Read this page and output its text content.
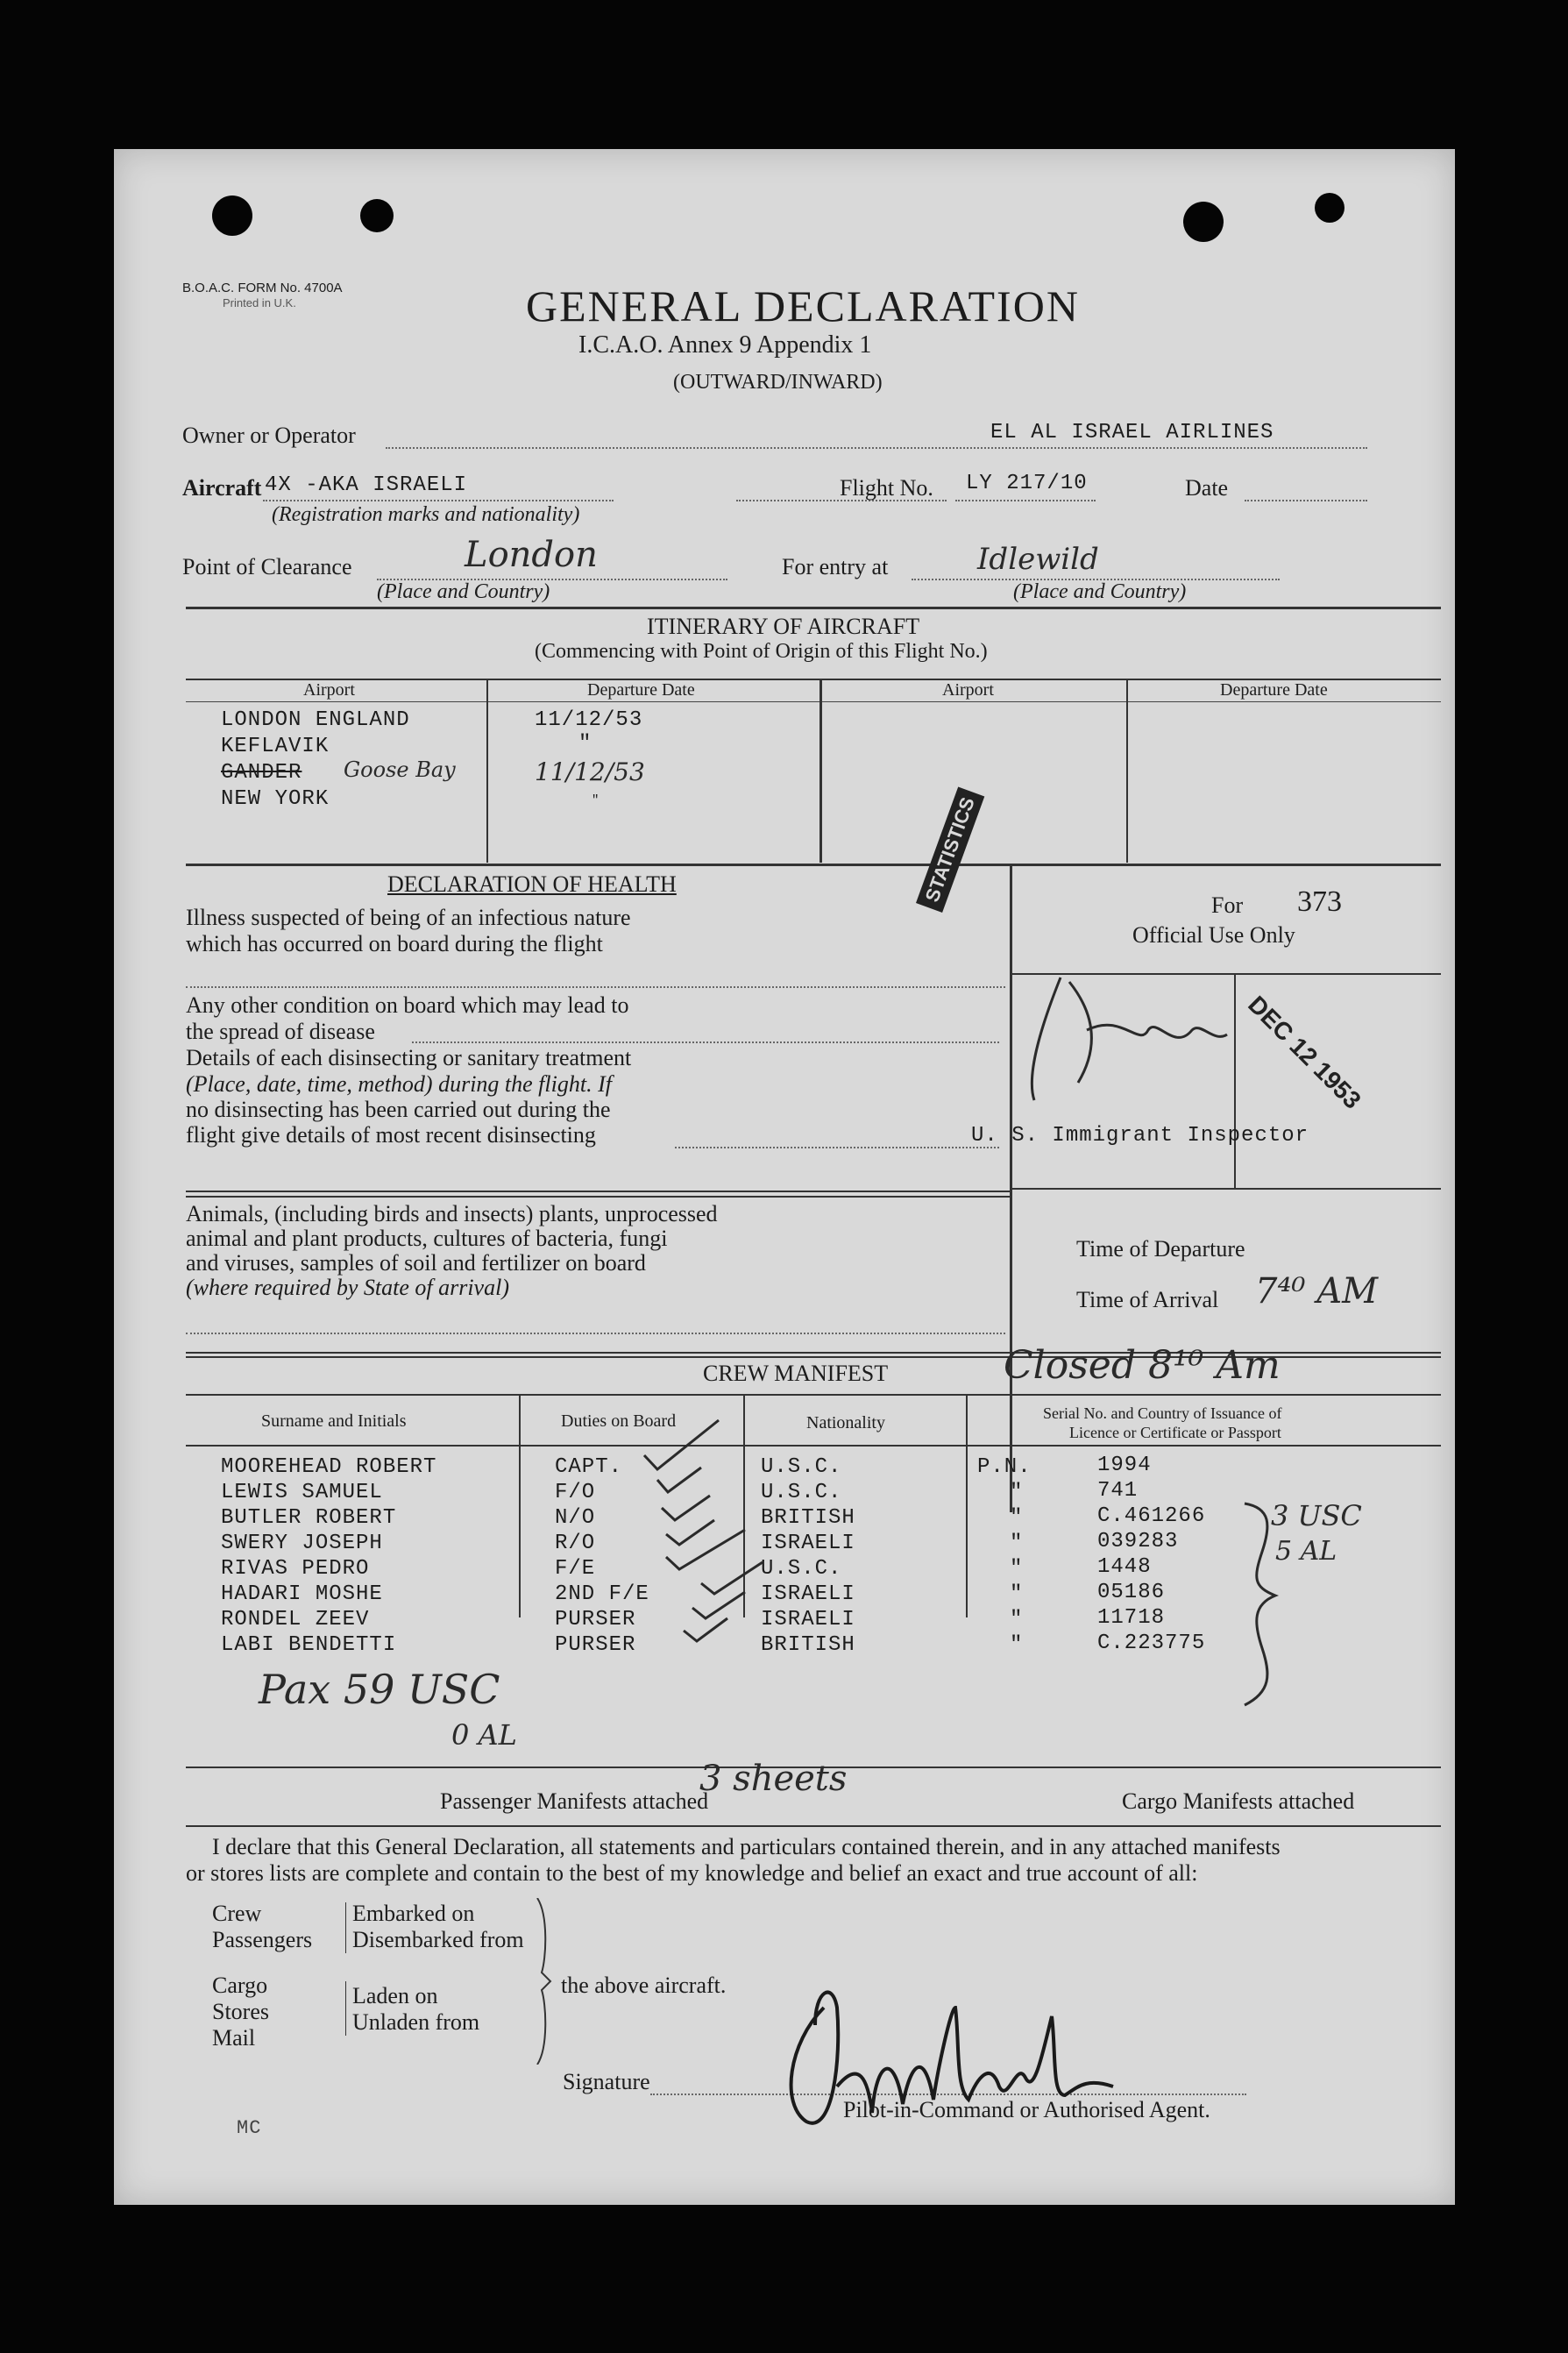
B.O.A.C. FORM No. 4700A
Printed in U.K.	GENERAL DECLARATION
I.C.A.O. Annex 9 Appendix 1
(OUTWARD/INWARD)
Owner or Operator	EL AL ISRAEL AIRLINES
Aircraft 4X -AKA ISRAELI
(Registration marks and nationality)
Flight No. LY 217/10	Date
Point of Clearance	London
(Place and Country)
For entry at	Idlewild
(Place and Country)
ITINERARY OF AIRCRAFT
(Commencing with Point of Origin of this Flight No.)
Airport	Departure Date	Airport	Departure Date
LONDON ENGLAND	11/12/53
KEFLAVIK	"
GANDER Goose Bay	11/12/53
NEW YORK	"
DECLARATION OF HEALTH
Illness suspected of being of an infectious nature
which has occurred on board during the flight
Any other condition on board which may lead to
the spread of disease
Details of each disinsecting or sanitary treatment
(Place, date, time, method) during the flight. If
no disinsecting has been carried out during the
flight give details of most recent disinsecting
Animals, (including birds and insects) plants, unprocessed
animal and plant products, cultures of bacteria, fungi
and viruses, samples of soil and fertilizer on board
(where required by State of arrival)
For 373
Official Use Only
STATISTICS
DEC 12 1953
U. S. Immigrant Inspector
Time of Departure
Time of Arrival 7⁴⁰ AM
CREW MANIFEST	Closed 8¹⁰ Am
Surname and Initials	Duties on Board	Nationality	Serial No. and Country of Issuance of
Licence or Certificate or Passport
MOOREHEAD ROBERT	CAPT.	U.S.C.	P.N.	1994
LEWIS SAMUEL	F/O	U.S.C.	"	741
BUTLER ROBERT	N/O	BRITISH	"	C.461266
SWERY JOSEPH	R/O	ISRAELI	"	039283
RIVAS PEDRO	F/E	U.S.C.	"	1448
HADARI MOSHE	2ND F/E	ISRAELI	"	05186
RONDEL ZEEV	PURSER	ISRAELI	"	11718
LABI BENDETTI	PURSER	BRITISH	"	C.223775
3 USC
5 AL
Pax 59 USC
0 AL
Passenger Manifests attached
3 sheets
Cargo Manifests attached
I declare that this General Declaration, all statements and particulars contained therein, and in any attached manifests
or stores lists are complete and contain to the best of my knowledge and belief an exact and true account of all:
Crew
Passengers
Embarked on
Disembarked from
Cargo
Stores
Mail
Laden on
Unladen from
the above aircraft.
Signature
Pilot-in-Command or Authorised Agent.
MC
